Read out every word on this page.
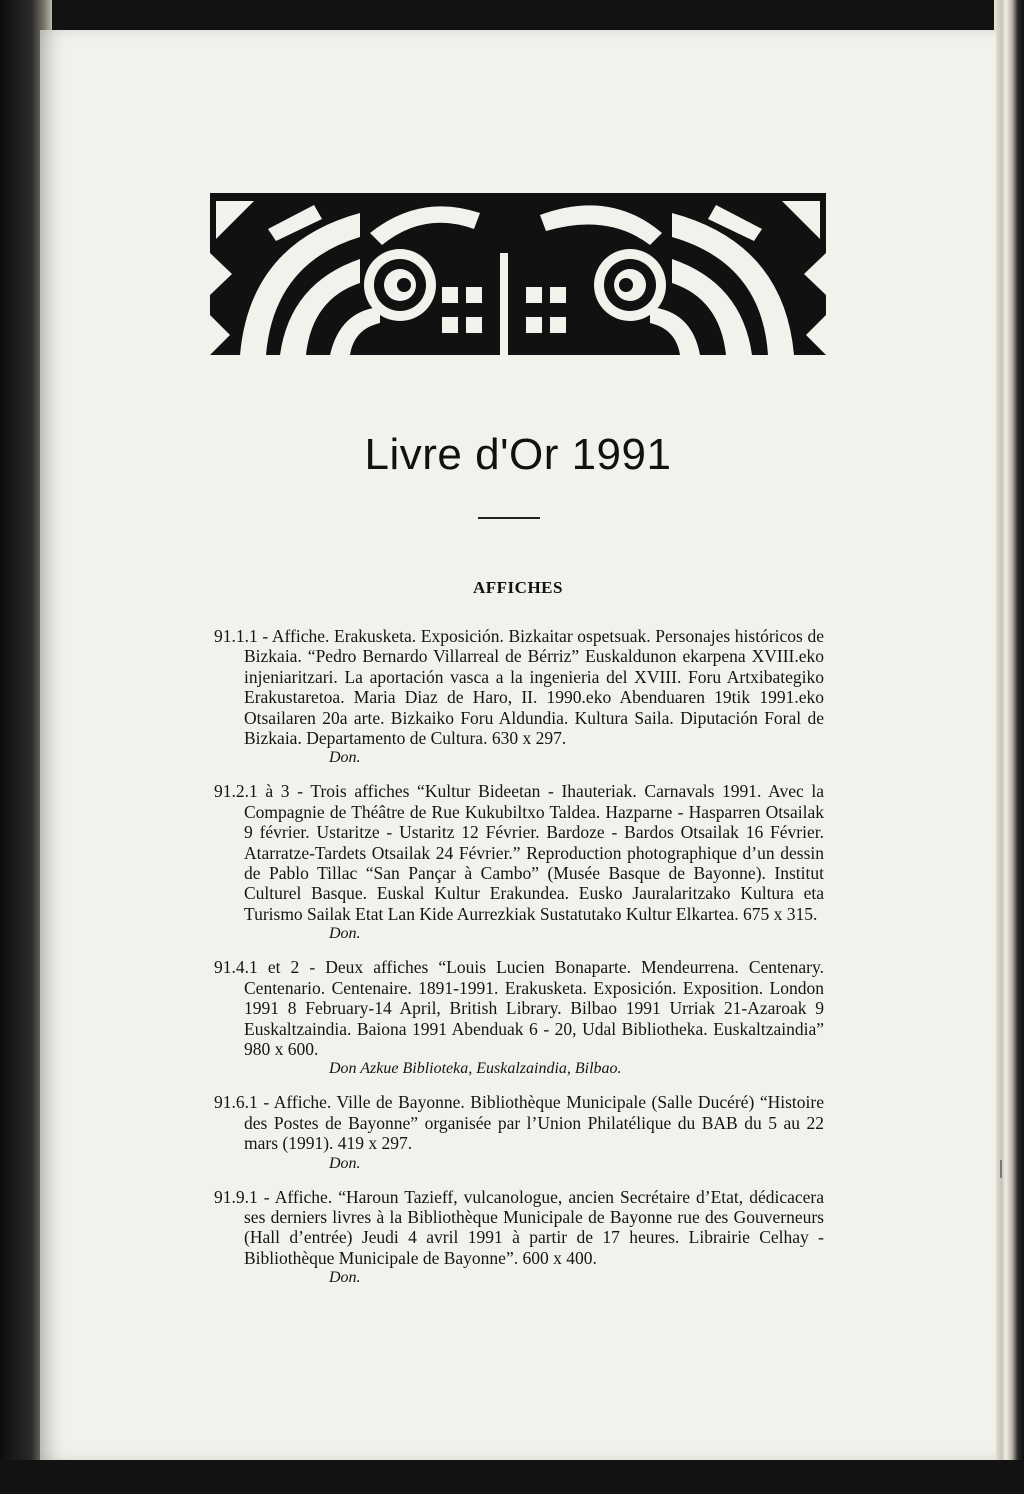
Livre d'Or 1991
AFFICHES
91.1.1 - Affiche. Erakusketa. Exposición. Bizkaitar ospetsuak. Personajes históricos de Bizkaia. “Pedro Bernardo Villarreal de Bérriz” Euskaldunon ekarpena XVIII.eko injeniaritzari. La aportación vasca a la ingenieria del XVIII. Foru Artxibategiko Erakustaretoa. Maria Diaz de Haro, II. 1990.eko Abenduaren 19tik 1991.eko Otsailaren 20a arte. Bizkaiko Foru Aldundia. Kultura Saila. Diputación Foral de Bizkaia. Departamento de Cultura. 630 x 297.
Don.
91.2.1 à 3 - Trois affiches “Kultur Bideetan - Ihauteriak. Carnavals 1991. Avec la Compagnie de Théâtre de Rue Kukubiltxo Taldea. Hazparne - Hasparren Otsailak 9 février. Ustaritze - Ustaritz 12 Février. Bardoze - Bardos Otsailak 16 Février. Atarratze-Tardets Otsailak 24 Février.” Reproduction photographique d’un dessin de Pablo Tillac “San Pançar à Cambo” (Musée Basque de Bayonne). Institut Culturel Basque. Euskal Kultur Erakundea. Eusko Jauralaritzako Kultura eta Turismo Sailak Etat Lan Kide Aurrezkiak Sustatutako Kultur Elkartea. 675 x 315.
Don.
91.4.1 et 2 - Deux affiches “Louis Lucien Bonaparte. Mendeurrena. Centenary. Centenario. Centenaire. 1891-1991. Erakusketa. Exposición. Exposition. London 1991 8 February-14 April, British Library. Bilbao 1991 Urriak 21-Azaroak 9 Euskaltzaindia. Baiona 1991 Abenduak 6 - 20, Udal Bibliotheka. Euskaltzaindia” 980 x 600.
Don Azkue Biblioteka, Euskalzaindia, Bilbao.
91.6.1 - Affiche. Ville de Bayonne. Bibliothèque Municipale (Salle Ducéré) “Histoire des Postes de Bayonne” organisée par l’Union Philatélique du BAB du 5 au 22 mars (1991). 419 x 297.
Don.
91.9.1 - Affiche. “Haroun Tazieff, vulcanologue, ancien Secrétaire d’Etat, dédicacera ses derniers livres à la Bibliothèque Municipale de Bayonne rue des Gouverneurs (Hall d’entrée) Jeudi 4 avril 1991 à partir de 17 heures. Librairie Celhay - Bibliothèque Municipale de Bayonne”. 600 x 400.
Don.
